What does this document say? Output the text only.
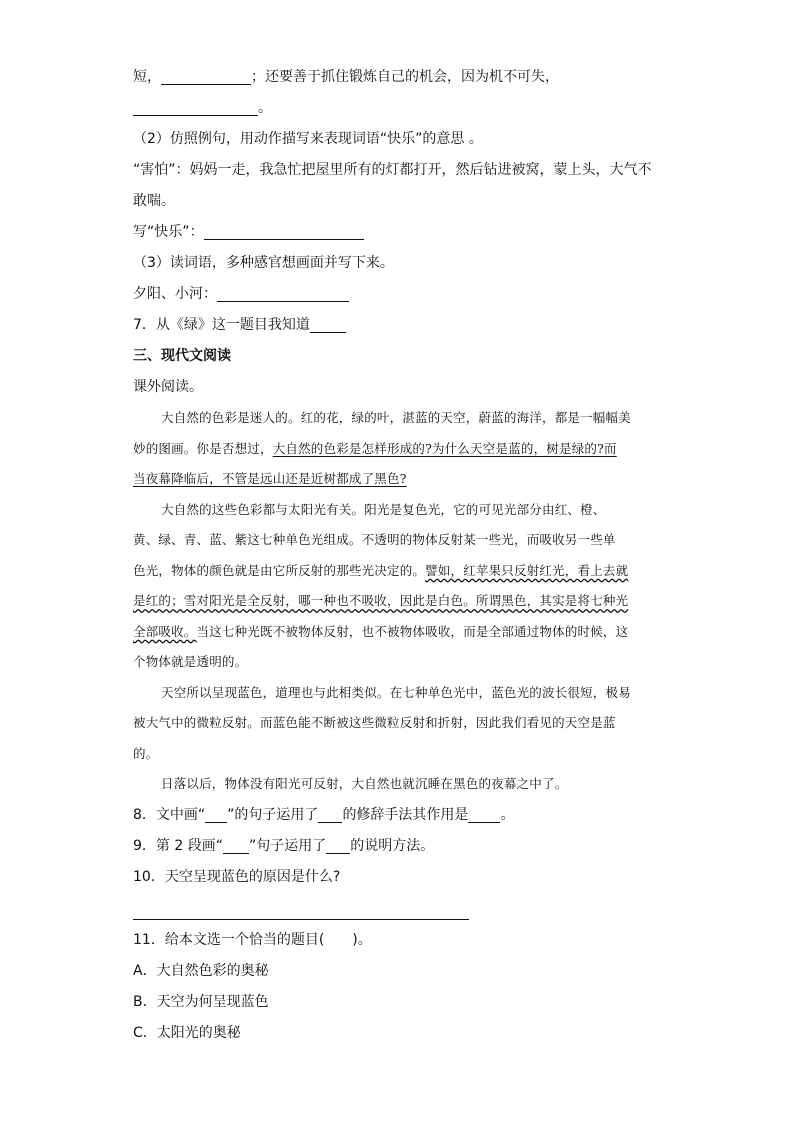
短，	；还要善于抓住锻炼自己的机会，因为机不可失，
。
（2）仿照例句，用动作描写来表现词语“快乐”的意思 。
“害怕”：妈妈一走，我急忙把屋里所有的灯都打开，然后钻进被窝，蒙上头，大气不
敢喘。
写“快乐”：
（3）读词语，多种感官想画面并写下来。
夕阳、小河：
7．从《绿》这一题目我知道
三、现代文阅读
课外阅读。
大自然的色彩是迷人的。红的花，绿的叶，湛蓝的天空，蔚蓝的海洋，都是一幅幅美
妙的图画。你是否想过，大自然的色彩是怎样形成的?为什么天空是蓝的，树是绿的?而
当夜幕降临后，不管是远山还是近树都成了黑色?
大自然的这些色彩都与太阳光有关。阳光是复色光，它的可见光部分由红、橙、
黄、绿、青、蓝、紫这七种单色光组成。不透明的物体反射某一些光，而吸收另一些单
色光，物体的颜色就是由它所反射的那些光决定的。譬如，红苹果只反射红光，看上去就
是红的；雪对阳光是全反射，哪一种也不吸收，因此是白色。所谓黑色，其实是将七种光
全部吸收。当这七种光既不被物体反射，也不被物体吸收，而是全部通过物体的时候，这
个物体就是透明的。
天空所以呈现蓝色，道理也与此相类似。在七种单色光中，蓝色光的波长很短，极易
被大气中的微粒反射。而蓝色能不断被这些微粒反射和折射，因此我们看见的天空是蓝
的。
日落以后，物体没有阳光可反射，大自然也就沉睡在黑色的夜幕之中了。
8．文中画“ ”的句子运用了 的修辞手法其作用是 。
9．第 2 段画“ ”句子运用了 的说明方法。
10．天空呈现蓝色的原因是什么?
11．给本文选一个恰当的题目(　　)。
A．大自然色彩的奥秘
B．天空为何呈现蓝色
C．太阳光的奥秘
